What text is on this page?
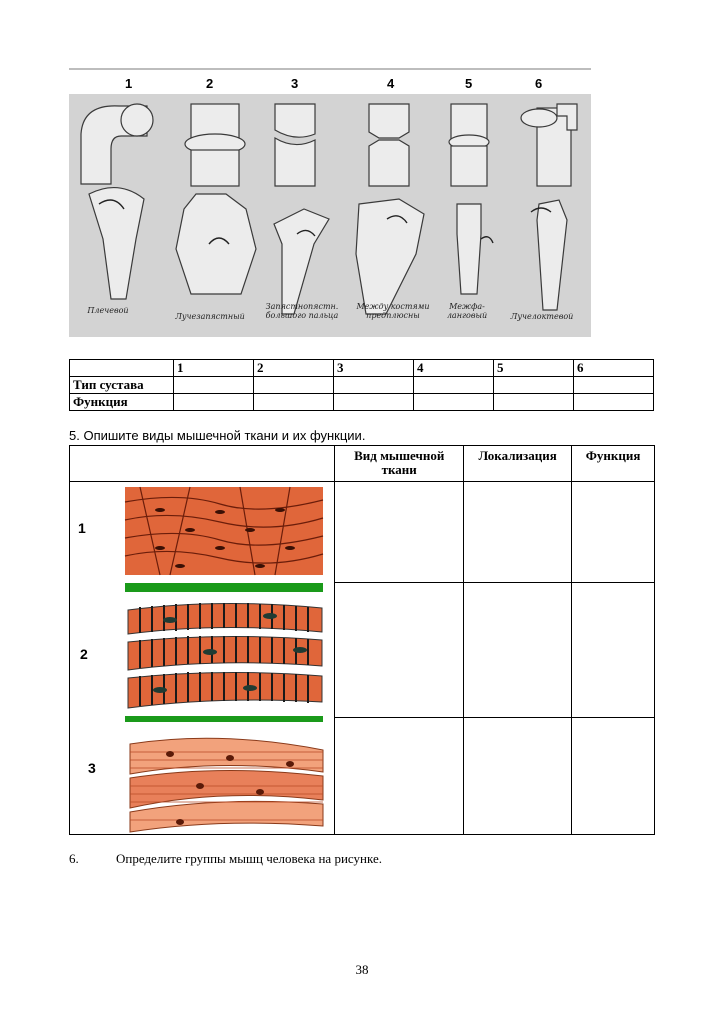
1	2	3	4	5	6
Плечевой
Лучезапястный
Запястнопястн. большого пальца
Между костями предплюсны
Межфа-ланговый	Лучелоктевой
	1	2	3	4	5	6
Тип сустава						
Функция						
5. Опишите виды мышечной ткани и их функции.
	Вид мышечной ткани	Локализация	Функция

1
2
3			

6.	Определите группы мышц человека на рисунке.
38
